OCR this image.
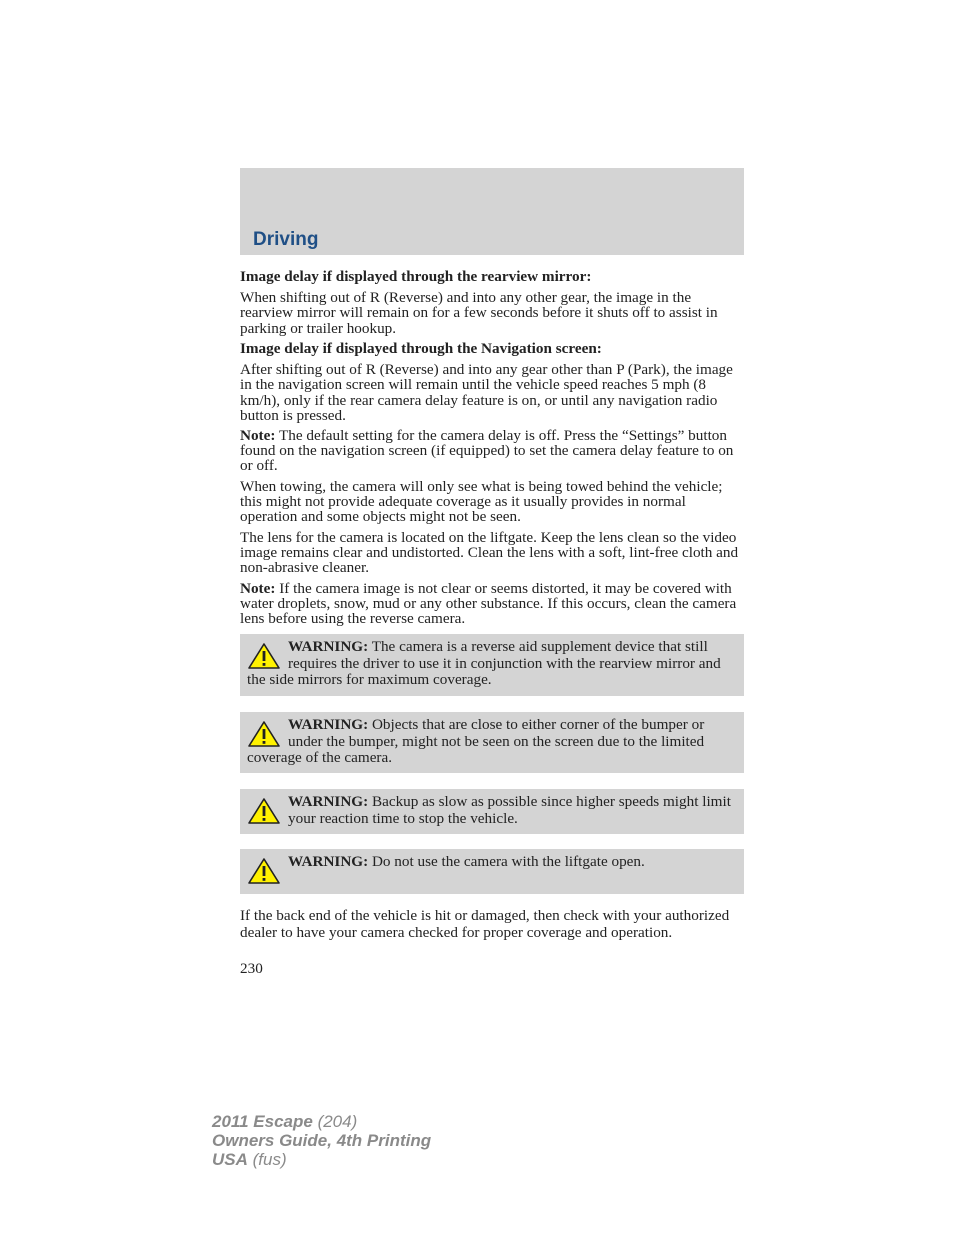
Driving

Image delay if displayed through the rearview mirror:

When shifting out of R (Reverse) and into any other gear, the image in the rearview mirror will remain on for a few seconds before it shuts off to assist in parking or trailer hookup.

Image delay if displayed through the Navigation screen:

After shifting out of R (Reverse) and into any gear other than P (Park), the image in the navigation screen will remain until the vehicle speed reaches 5 mph (8 km/h), only if the rear camera delay feature is on, or until any navigation radio button is pressed.

Note: The default setting for the camera delay is off. Press the “Settings” button found on the navigation screen (if equipped) to set the camera delay feature to on or off.

When towing, the camera will only see what is being towed behind the vehicle; this might not provide adequate coverage as it usually provides in normal operation and some objects might not be seen.

The lens for the camera is located on the liftgate. Keep the lens clean so the video image remains clear and undistorted. Clean the lens with a soft, lint-free cloth and non-abrasive cleaner.

Note: If the camera image is not clear or seems distorted, it may be covered with water droplets, snow, mud or any other substance. If this occurs, clean the camera lens before using the reverse camera.

WARNING: The camera is a reverse aid supplement device that still requires the driver to use it in conjunction with the rearview mirror and the side mirrors for maximum coverage.
WARNING: Objects that are close to either corner of the bumper or under the bumper, might not be seen on the screen due to the limited coverage of the camera.
WARNING: Backup as slow as possible since higher speeds might limit your reaction time to stop the vehicle.
WARNING: Do not use the camera with the liftgate open.

If the back end of the vehicle is hit or damaged, then check with your authorized dealer to have your camera checked for proper coverage and operation.

230
2011 Escape (204)
Owners Guide, 4th Printing
USA (fus)
